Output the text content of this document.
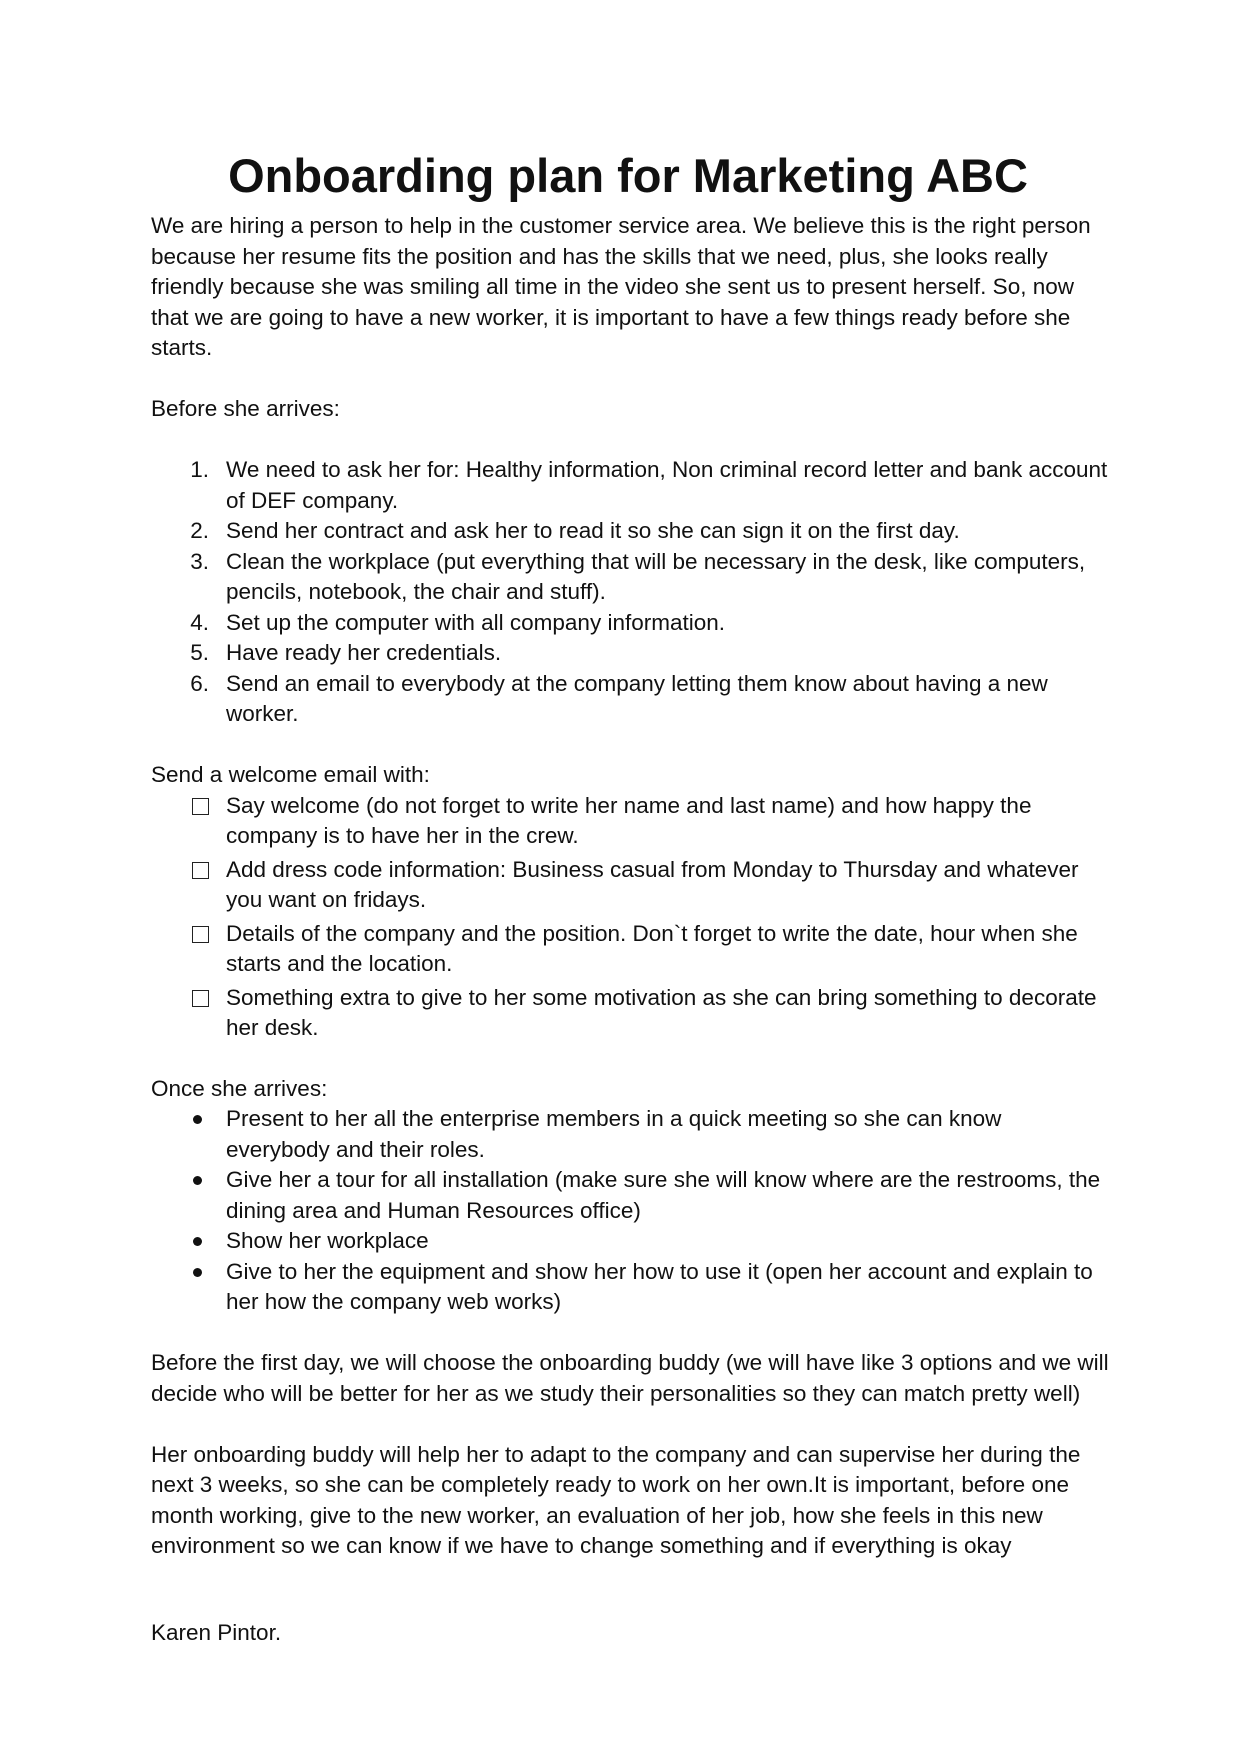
Onboarding plan for Marketing ABC

We are hiring a person to help in the customer service area. We believe this is the right person because her resume fits the position and has the skills that we need, plus, she looks really friendly because she was smiling all time in the video she sent us to present herself. So, now that we are going to have a new worker, it is important to have a few things ready before she starts.

Before she arrives:

1. We need to ask her for: Healthy information, Non criminal record letter and bank account of DEF company.
2. Send her contract and ask her to read it so she can sign it on the first day.
3. Clean the workplace (put everything that will be necessary in the desk, like computers, pencils, notebook, the chair and stuff).
4. Set up the computer with all company information.
5. Have ready her credentials.
6. Send an email to everybody at the company letting them know about having a new worker.

Send a welcome email with:

Say welcome (do not forget to write her name and last name) and how happy the company is to have her in the crew.
Add dress code information: Business casual from Monday to Thursday and whatever you want on fridays.
Details of the company and the position. Don`t forget to write the date, hour when she starts and the location.
Something extra to give to her some motivation as she can bring something to decorate her desk.

Once she arrives:

Present to her all the enterprise members in a quick meeting so she can know everybody and their roles.
Give her a tour for all installation (make sure she will know where are the restrooms, the dining area and Human Resources office)
Show her workplace
Give to her the equipment and show her how to use it (open her account and explain to her how the company web works)

Before the first day, we will choose the onboarding buddy (we will have like 3 options and we will decide who will be better for her as we study their personalities so they can match pretty well)

Her onboarding buddy will help her to adapt to the company and can supervise her during the next 3 weeks, so she can be completely ready to work on her own.It is important, before one month working, give to the new worker, an evaluation of her job, how she feels in this new environment so we can know if we have to change something and if everything is okay

Karen Pintor.
